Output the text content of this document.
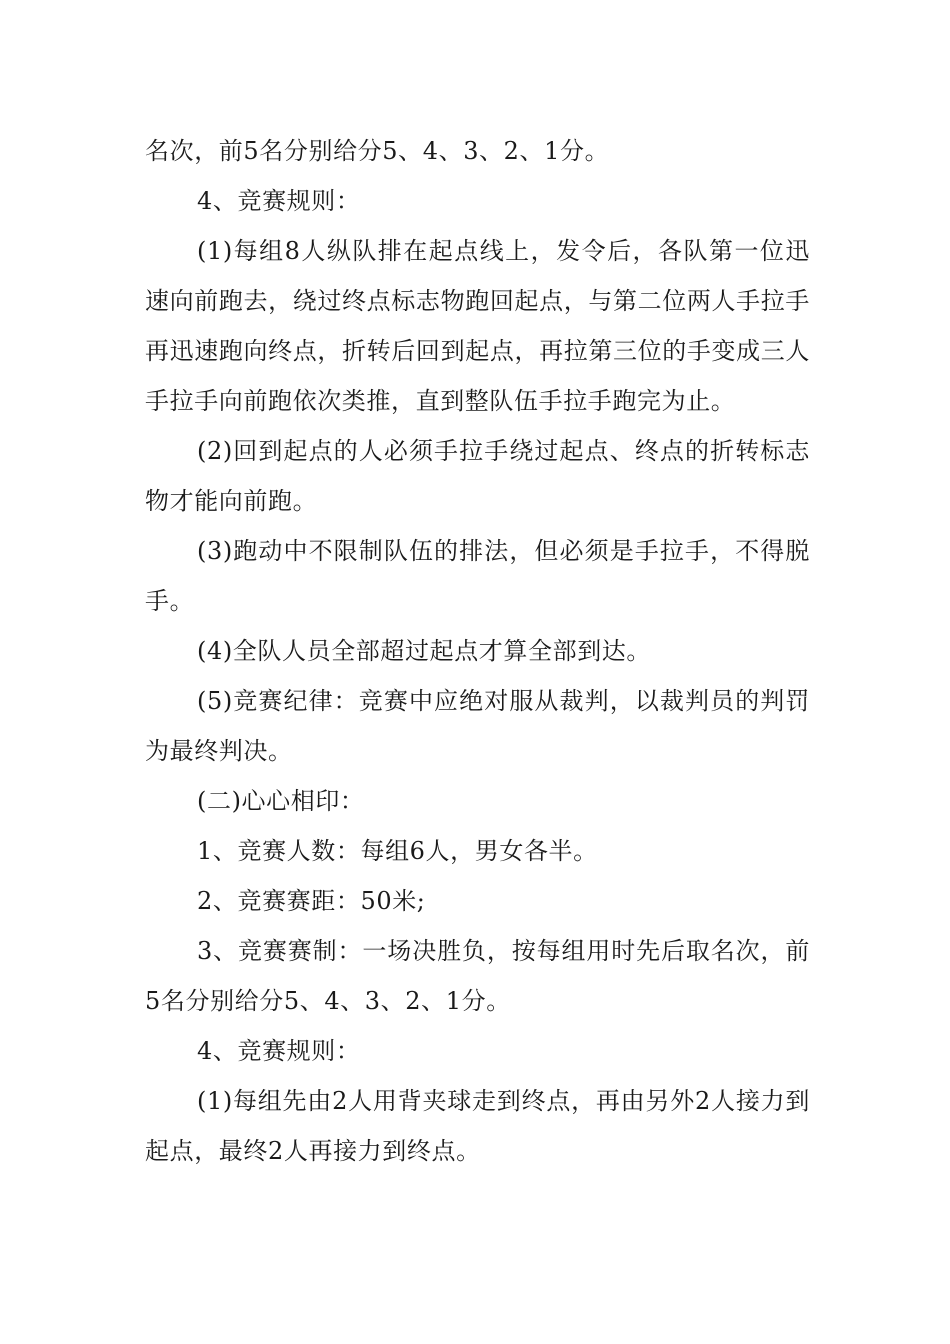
名次，前5名分别给分5、4、3、2、1分。

4、竞赛规则：

(1)每组8人纵队排在起点线上，发令后，各队第一位迅速向前跑去，绕过终点标志物跑回起点，与第二位两人手拉手再迅速跑向终点，折转后回到起点，再拉第三位的手变成三人手拉手向前跑依次类推，直到整队伍手拉手跑完为止。

(2)回到起点的人必须手拉手绕过起点、终点的折转标志物才能向前跑。

(3)跑动中不限制队伍的排法，但必须是手拉手，不得脱手。

(4)全队人员全部超过起点才算全部到达。

(5)竞赛纪律：竞赛中应绝对服从裁判，以裁判员的判罚为最终判决。

(二)心心相印：

1、竞赛人数：每组6人，男女各半。

2、竞赛赛距：50米;

3、竞赛赛制：一场决胜负，按每组用时先后取名次，前5名分别给分5、4、3、2、1分。

4、竞赛规则：

(1)每组先由2人用背夹球走到终点，再由另外2人接力到起点，最终2人再接力到终点。
